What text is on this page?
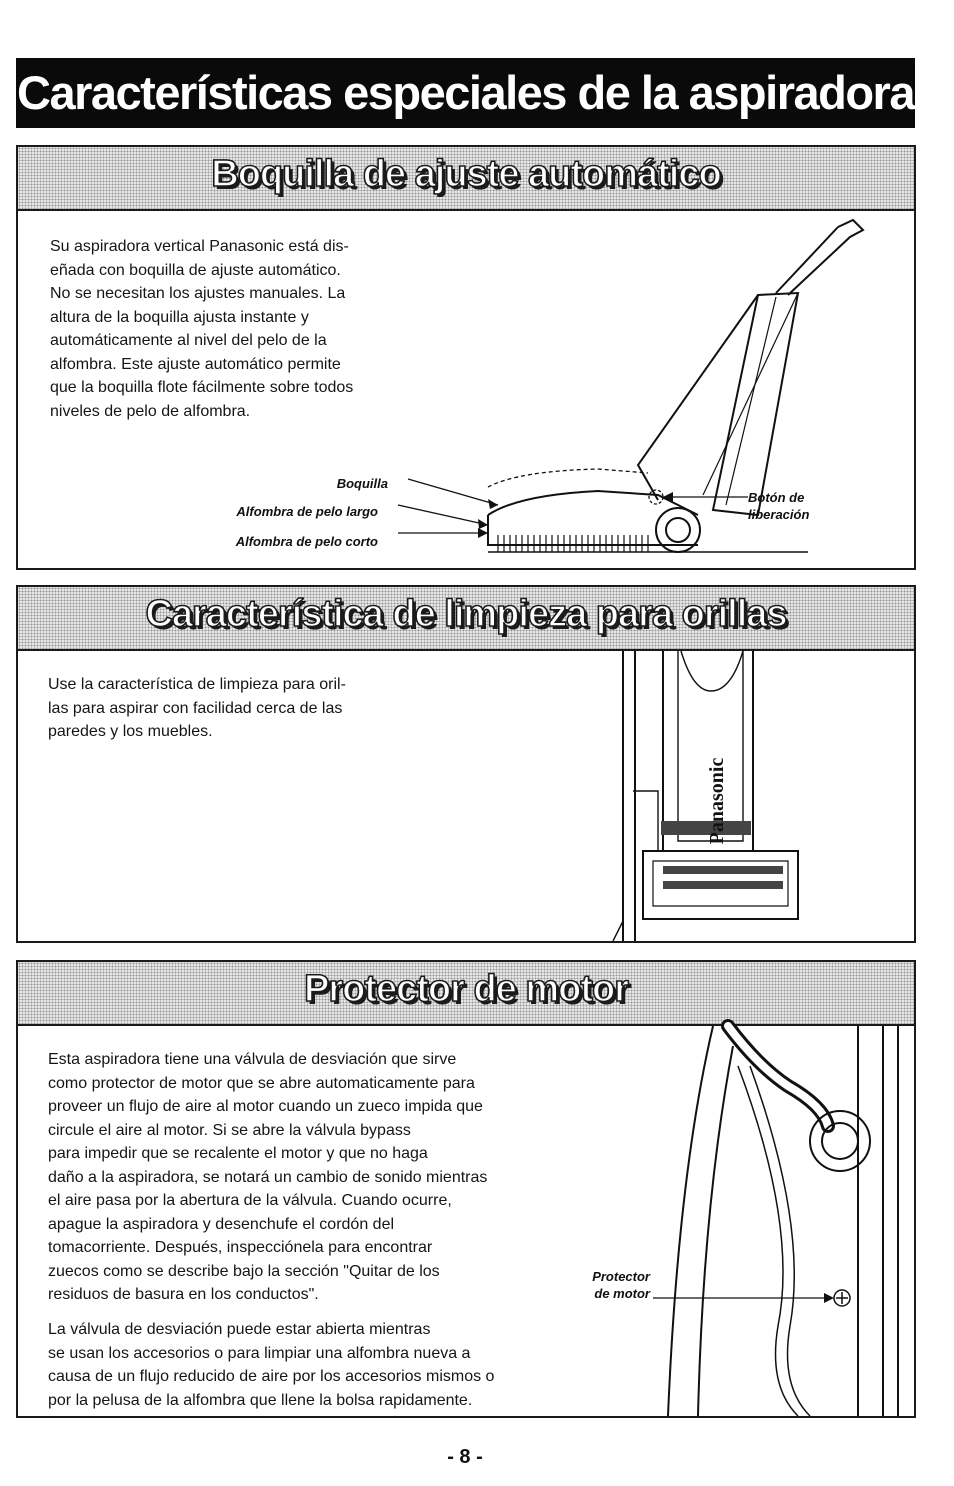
Características especiales de la aspiradora
Boquilla de ajuste automático

Su aspiradora vertical Panasonic está dis-
eñada con boquilla de ajuste automático.
No se necesitan los ajustes manuales. La
altura de la boquilla ajusta instante y
automáticamente al nivel del pelo de la
alfombra. Este ajuste automático permite
que la boquilla flote fácilmente sobre todos
niveles de pelo de alfombra.

Boquilla
Alfombra de pelo largo
Alfombra de pelo corto
Botón de
liberación
Característica de limpieza para orillas

Use la característica de limpieza para oril-
las para aspirar con facilidad cerca de las
paredes y los muebles.

Panasonic
Protector de motor

Esta aspiradora tiene una válvula de desviación que sirve
como protector de motor que se abre automaticamente para
proveer un flujo de aire al motor cuando un zueco impida que
circule el aire al motor. Si se abre la válvula bypass
para impedir que se recalente el motor y que no haga
daño a la aspiradora, se notará un cambio de sonido mientras
el aire pasa por la abertura de la válvula. Cuando ocurre,
apague la aspiradora y desenchufe el cordón del
tomacorriente. Después, inspecciónela para encontrar
zuecos como se describe bajo la sección "Quitar de los
residuos de basura en los conductos".

La válvula de desviación puede estar abierta mientras
se usan los accesorios o para limpiar una alfombra nueva a
causa de un flujo reducido de aire por los accesorios mismos o
por la pelusa de la alfombra que llene la bolsa rapidamente.

Protector
de motor
- 8 -
